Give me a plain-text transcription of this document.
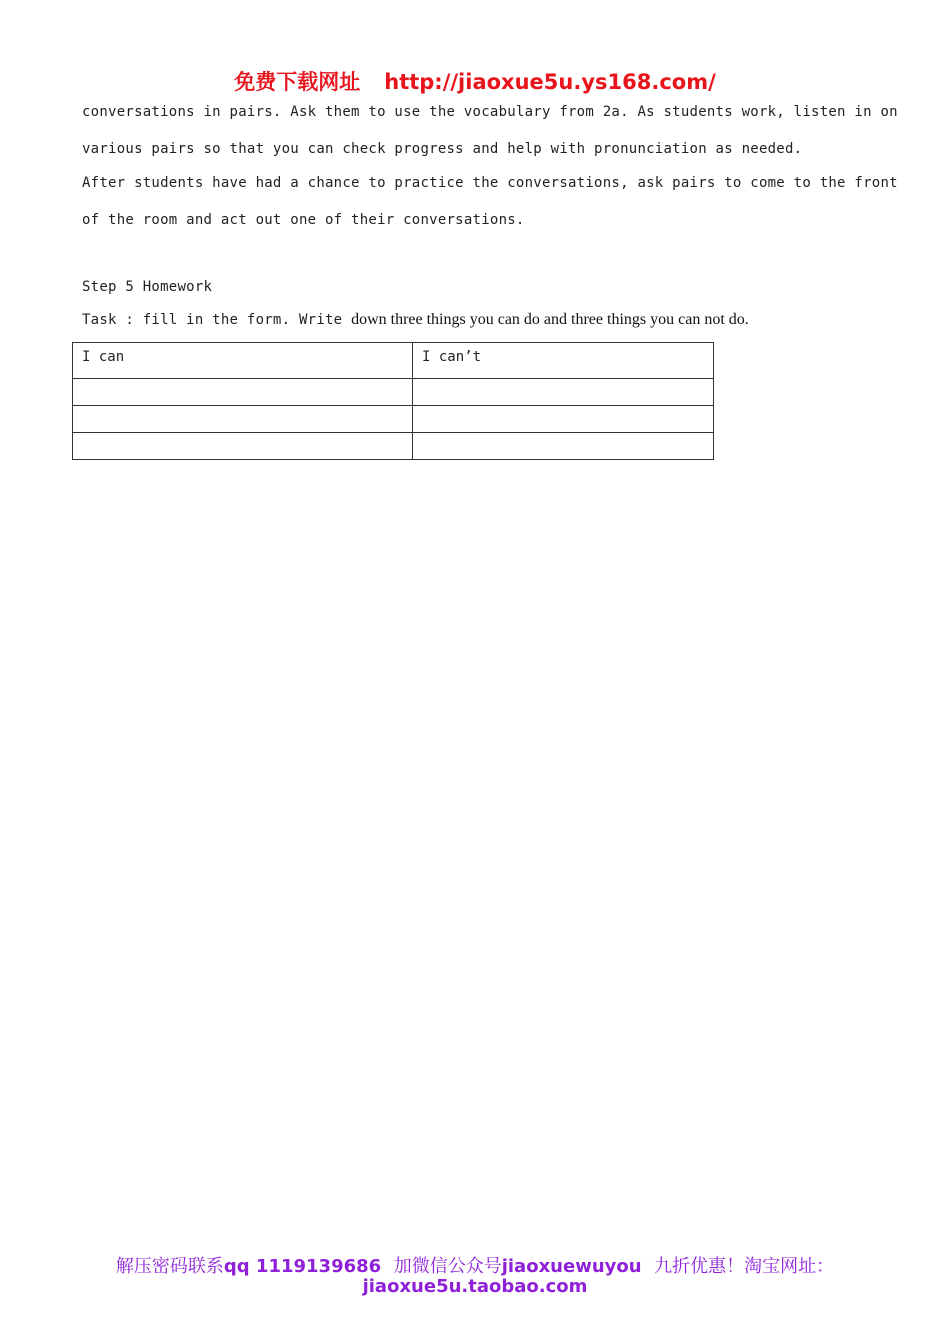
免费下载网址 http://jiaoxue5u.ys168.com/
conversations in pairs. Ask them to use the vocabulary from 2a. As students work, listen in on
various pairs so that you can check progress and help with pronunciation as needed.
After students have had a chance to practice the conversations, ask pairs to come to the front
of the room and act out one of their conversations.
Step 5 Homework
Task : fill in the form. Write down three things you can do and three things you can not do.
I can	I can’t

解压密码联系qq 1119139686 加微信公众号jiaoxuewuyou 九折优惠！淘宝网址：
jiaoxue5u.taobao.com
